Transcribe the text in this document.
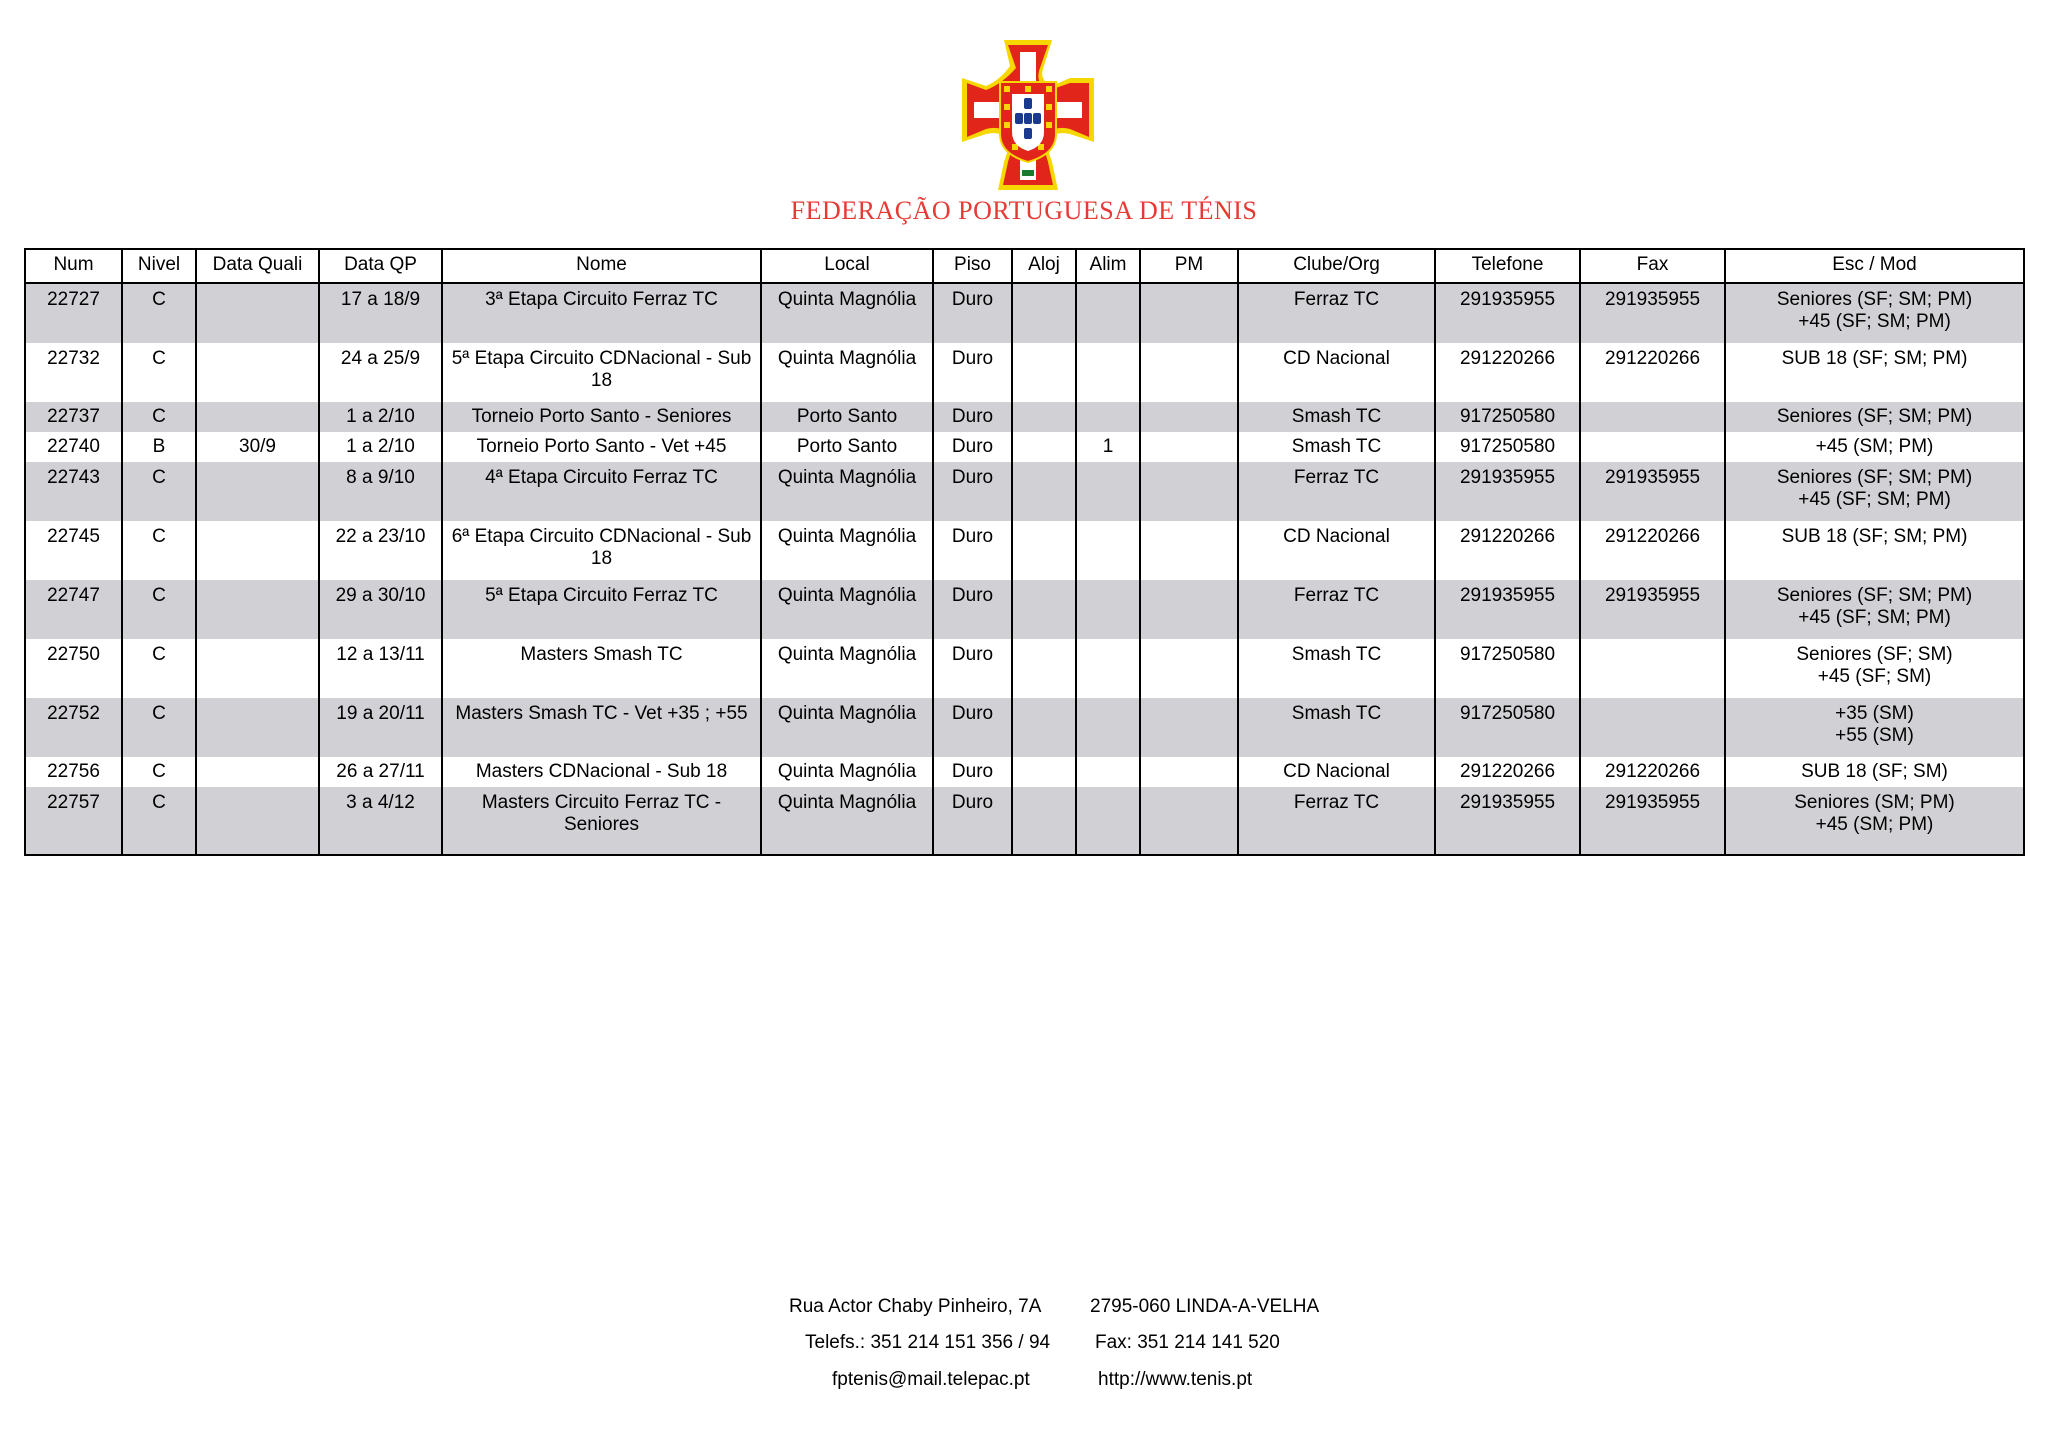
FEDERAÇÃO PORTUGUESA DE TÉNIS
Num	Nivel	Data Quali	Data QP	Nome	Local	Piso	Aloj	Alim	PM	Clube/Org	Telefone	Fax	Esc / Mod
22727	C		17 a 18/9	3ª Etapa Circuito Ferraz TC	Quinta Magnólia	Duro				Ferraz TC	291935955	291935955	Seniores (SF; SM; PM)
+45 (SF; SM; PM)

22732	C		24 a 25/9	5ª Etapa Circuito CDNacional - Sub 18	Quinta Magnólia	Duro				CD Nacional	291220266	291220266	SUB 18 (SF; SM; PM)

22737	C		1 a 2/10	Torneio Porto Santo - Seniores	Porto Santo	Duro				Smash TC	917250580		Seniores (SF; SM; PM)

22740	B	30/9	1 a 2/10	Torneio Porto Santo - Vet +45	Porto Santo	Duro		1		Smash TC	917250580		+45 (SM; PM)

22743	C		8 a 9/10	4ª Etapa Circuito Ferraz TC	Quinta Magnólia	Duro				Ferraz TC	291935955	291935955	Seniores (SF; SM; PM)
+45 (SF; SM; PM)

22745	C		22 a 23/10	6ª Etapa Circuito CDNacional - Sub 18	Quinta Magnólia	Duro				CD Nacional	291220266	291220266	SUB 18 (SF; SM; PM)

22747	C		29 a 30/10	5ª Etapa Circuito Ferraz TC	Quinta Magnólia	Duro				Ferraz TC	291935955	291935955	Seniores (SF; SM; PM)
+45 (SF; SM; PM)

22750	C		12 a 13/11	Masters Smash TC	Quinta Magnólia	Duro				Smash TC	917250580		Seniores (SF; SM)
+45 (SF; SM)

22752	C		19 a 20/11	Masters Smash TC - Vet +35 ; +55	Quinta Magnólia	Duro				Smash TC	917250580		+35 (SM)
+55 (SM)

22756	C		26 a 27/11	Masters CDNacional - Sub 18	Quinta Magnólia	Duro				CD Nacional	291220266	291220266	SUB 18 (SF; SM)

22757	C		3 a 4/12	Masters Circuito Ferraz TC - Seniores	Quinta Magnólia	Duro				Ferraz TC	291935955	291935955	Seniores (SM; PM)
+45 (SM; PM)

Rua Actor Chaby Pinheiro, 7A	2795-060 LINDA-A-VELHA
Telefs.: 351 214 151 356 / 94 Fax: 351 214 141 520
fptenis@mail.telepac.pt	http://www.tenis.pt
